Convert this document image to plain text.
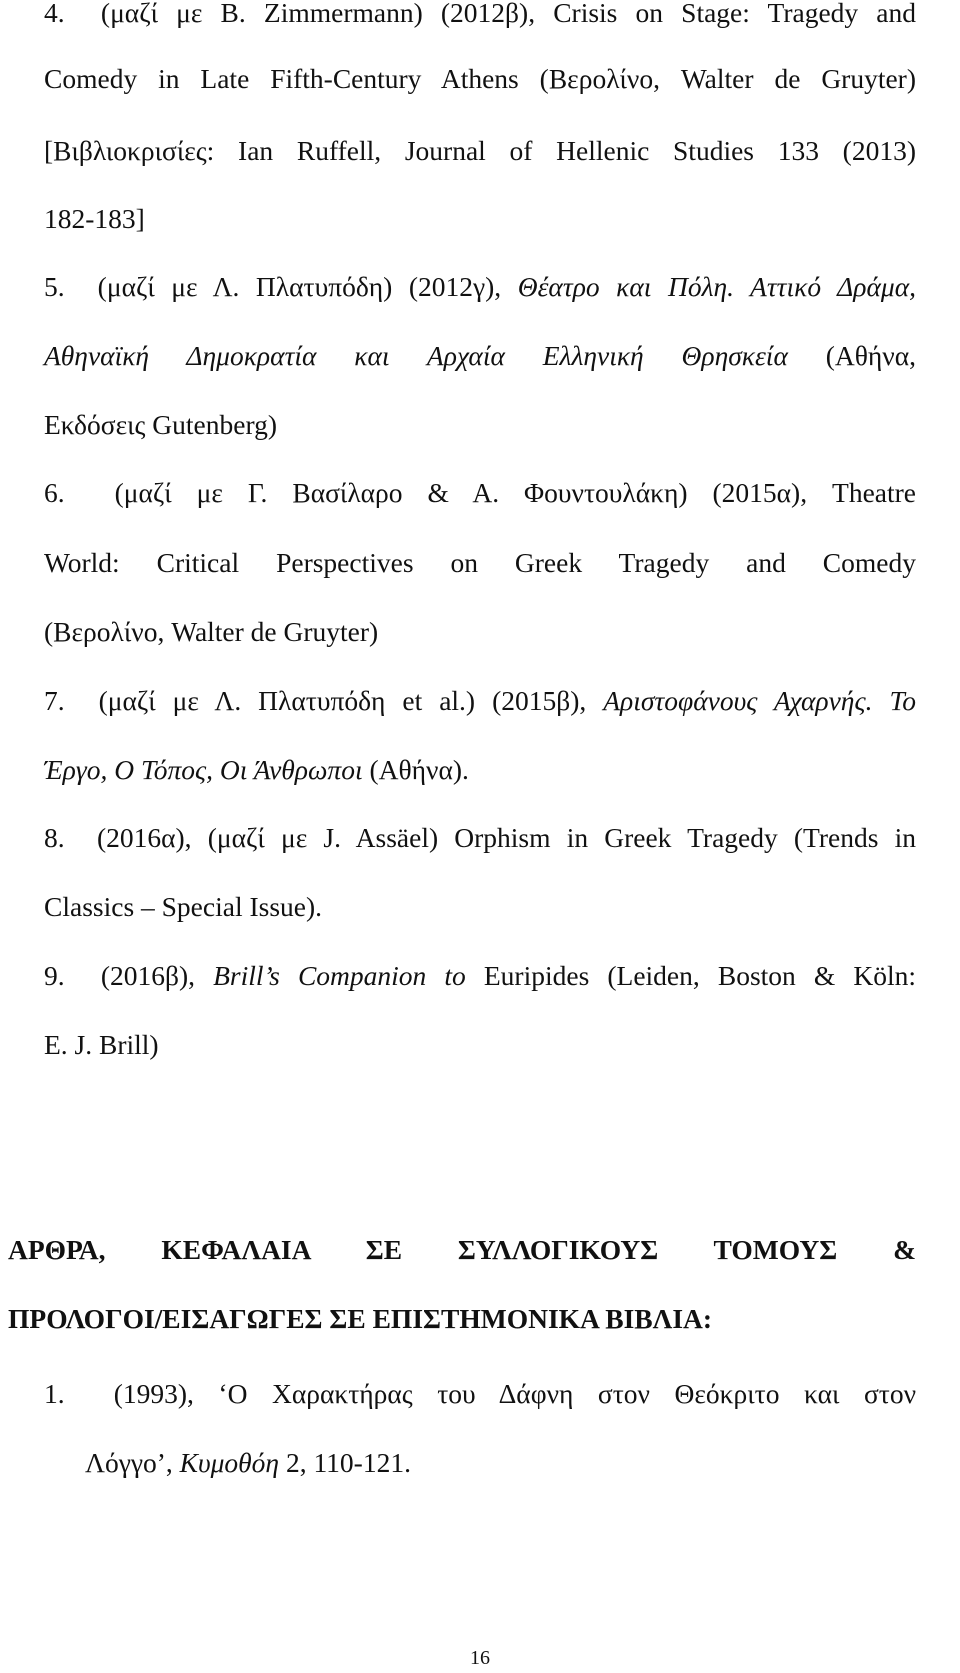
4. (μαζί με B. Zimmermann) (2012β), Crisis on Stage: Tragedy and
Comedy in Late Fifth-Century Athens (Βερολίνο, Walter de Gruyter)
[Βιβλιοκρισίες: Ian Ruffell, Journal of Hellenic Studies 133 (2013)
182-183]
5. (μαζί με Λ. Πλατυπόδη) (2012γ), Θέατρο και Πόλη. Αττικό Δράμα,
Αθηναϊκή Δημοκρατία και Αρχαία Ελληνική Θρησκεία (Αθήνα,
Εκδόσεις Gutenberg)
6. (μαζί με Γ. Βασίλαρο & Α. Φουντουλάκη) (2015α), Theatre
World: Critical Perspectives on Greek Tragedy and Comedy
(Βερολίνο, Walter de Gruyter)
7. (μαζί με Λ. Πλατυπόδη et al.) (2015β), Αριστοφάνους Αχαρνής. Το
Έργο, Ο Τόπος, Οι Άνθρωποι (Αθήνα).
8. (2016α), (μαζί με J. Assäel) Orphism in Greek Tragedy (Trends in
Classics – Special Issue).
9. (2016β), Brill’s Companion to Euripides (Leiden, Boston & Köln:
E. J. Brill)
ΑΡΘΡΑ, ΚΕΦΑΛΑΙΑ ΣΕ ΣΥΛΛΟΓΙΚΟΥΣ ΤΟΜΟΥΣ &
ΠΡΟΛΟΓΟΙ/ΕΙΣΑΓΩΓΕΣ ΣΕ ΕΠΙΣΤΗΜΟΝΙΚΑ ΒΙΒΛΙΑ:
1. (1993), ‘Ο Χαρακτήρας του Δάφνη στον Θεόκριτο και στον
Λόγγο’, Κυμοθόη 2, 110-121.
16
